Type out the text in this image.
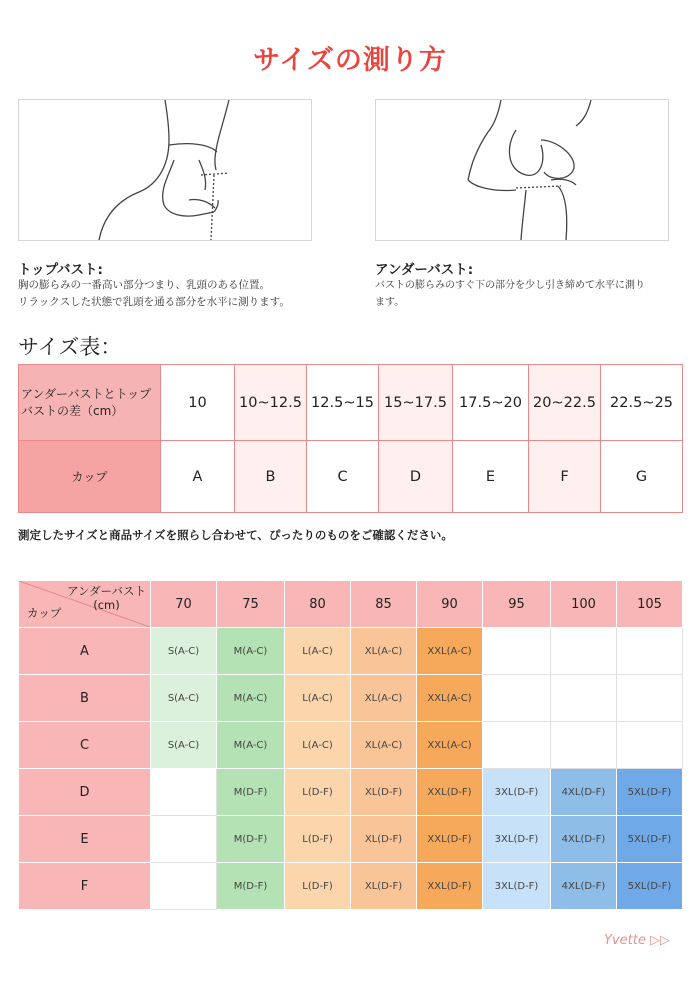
サイズの測り方
トップバスト:
胸の膨らみの一番高い部分つまり、乳頭のある位置。
リラックスした状態で乳頭を通る部分を水平に測ります。
アンダーバスト:
バストの膨らみのすぐ下の部分を少し引き締めて水平に測り
ます。
サイズ表：
アンダーバストとトップバストの差（cm）	10	10~12.5	12.5~15	15~17.5	17.5~20	20~22.5	22.5~25
カップ	A	B	C	D	E	F	G
測定したサイズと商品サイズを照らし合わせて、ぴったりのものをご確認ください。
アンダーバスト
(cm)
カップ	70	75	80	85	90	95	100	105
A	S(A-C)	M(A-C)	L(A-C)	XL(A-C)	XXL(A-C)			
B	S(A-C)	M(A-C)	L(A-C)	XL(A-C)	XXL(A-C)			
C	S(A-C)	M(A-C)	L(A-C)	XL(A-C)	XXL(A-C)			
D		M(D-F)	L(D-F)	XL(D-F)	XXL(D-F)	3XL(D-F)	4XL(D-F)	5XL(D-F)
E		M(D-F)	L(D-F)	XL(D-F)	XXL(D-F)	3XL(D-F)	4XL(D-F)	5XL(D-F)
F		M(D-F)	L(D-F)	XL(D-F)	XXL(D-F)	3XL(D-F)	4XL(D-F)	5XL(D-F)
Yvette ▷▷
